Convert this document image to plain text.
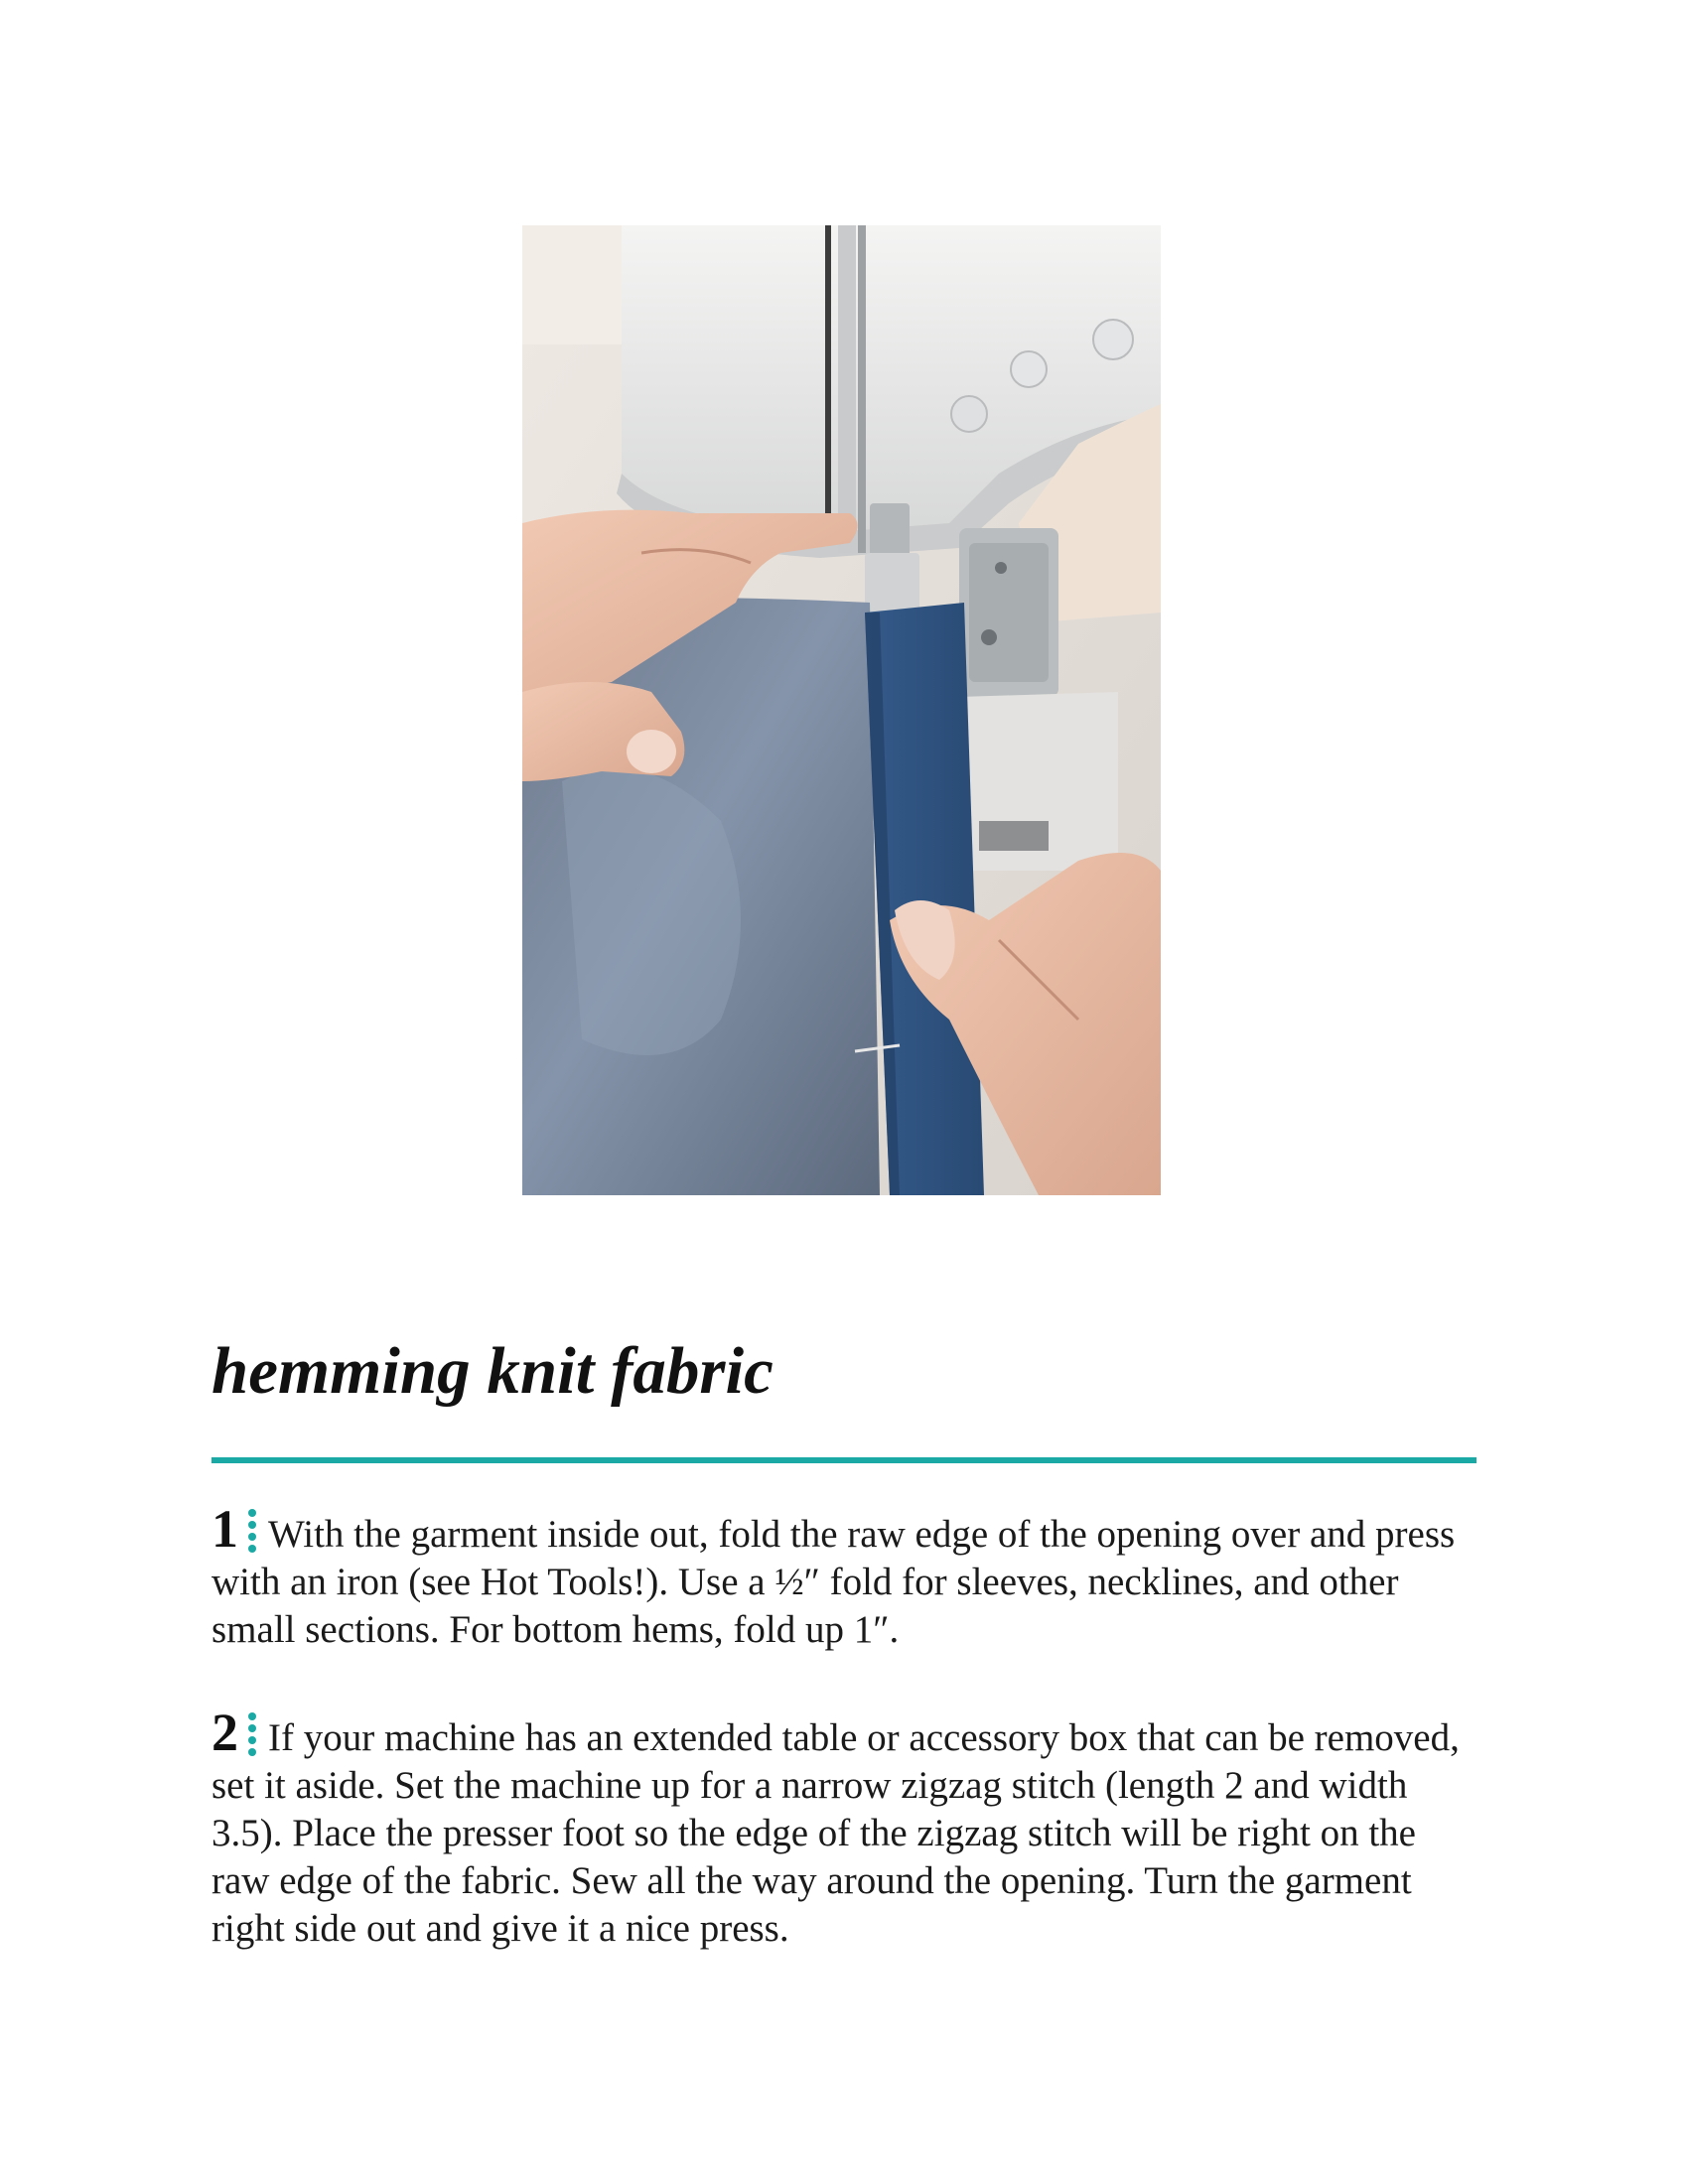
hemming knit fabric

1 With the garment inside out, fold the raw edge of the opening over and press with an iron (see Hot Tools!). Use a ½″ fold for sleeves, necklines, and other small sections. For bottom hems, fold up 1″.

2 If your machine has an extended table or accessory box that can be removed, set it aside. Set the machine up for a narrow zigzag stitch (length 2 and width 3.5). Place the presser foot so the edge of the zigzag stitch will be right on the raw edge of the fabric. Sew all the way around the opening. Turn the garment right side out and give it a nice press.
